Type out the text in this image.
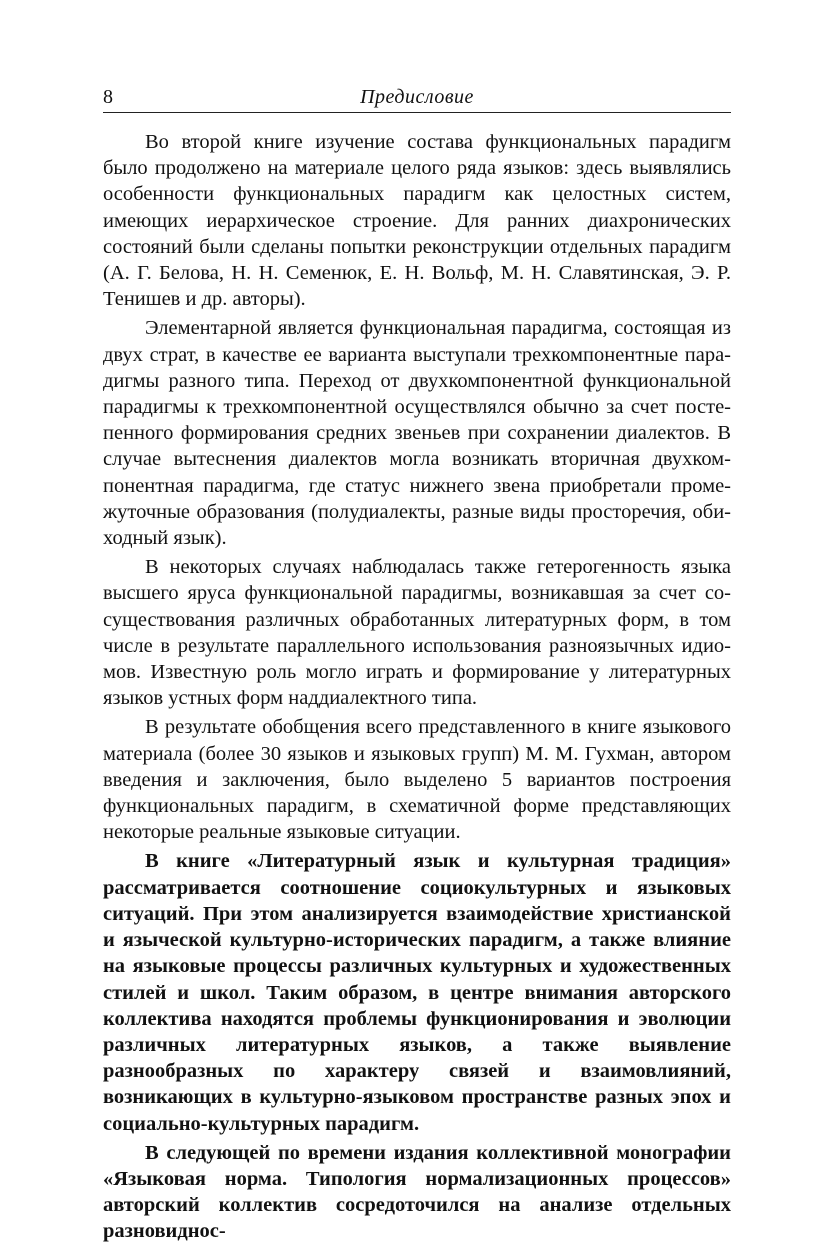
8	Предисловие

Во второй книге изучение состава функциональных парадигм было продолжено на материале целого ряда языков: здесь выявлялись особенности функциональных парадигм как целостных систем, имеющих иерархическое строение. Для ранних диахронических состояний были сделаны попытки реконструкции отдельных парадигм (А. Г. Белова, Н. Н. Семенюк, Е. Н. Вольф, М. Н. Славятинская, Э. Р. Тенишев и др. авторы).

Элементарной является функциональная парадигма, состоящая из двух страт, в качестве ее варианта выступали трехкомпонентные парадигмы разного типа. Переход от двухкомпонентной функциональной парадигмы к трехкомпонентной осуществлялся обычно за счет постепенного формирования средних звеньев при сохранении диалектов. В случае вытеснения диалектов могла возникать вторичная двухкомпонентная парадигма, где статус нижнего звена приобретали промежуточные образования (полудиалекты, разные виды просторечия, обиходный язык).

В некоторых случаях наблюдалась также гетерогенность языка высшего яруса функциональной парадигмы, возникавшая за счет сосуществования различных обработанных литературных форм, в том числе в результате параллельного использования разноязычных идиомов. Известную роль могло играть и формирование у литературных языков устных форм наддиалектного типа.

В результате обобщения всего представленного в книге языкового материала (более 30 языков и языковых групп) М. М. Гухман, автором введения и заключения, было выделено 5 вариантов построения функциональных парадигм, в схематичной форме представляющих некоторые реальные языковые ситуации.

В книге «Литературный язык и культурная традиция» рассматривается соотношение социокультурных и языковых ситуаций. При этом анализируется взаимодействие христианской и языческой культурно-исторических парадигм, а также влияние на языковые процессы различных культурных и художественных стилей и школ. Таким образом, в центре внимания авторского коллектива находятся проблемы функционирования и эволюции различных литературных языков, а также выявление разнообразных по характеру связей и взаимовлияний, возникающих в культурно-языковом пространстве разных эпох и социально-культурных парадигм.

В следующей по времени издания коллективной монографии «Языковая норма. Типология нормализационных процессов» авторский коллектив сосредоточился на анализе отдельных разновиднос-
